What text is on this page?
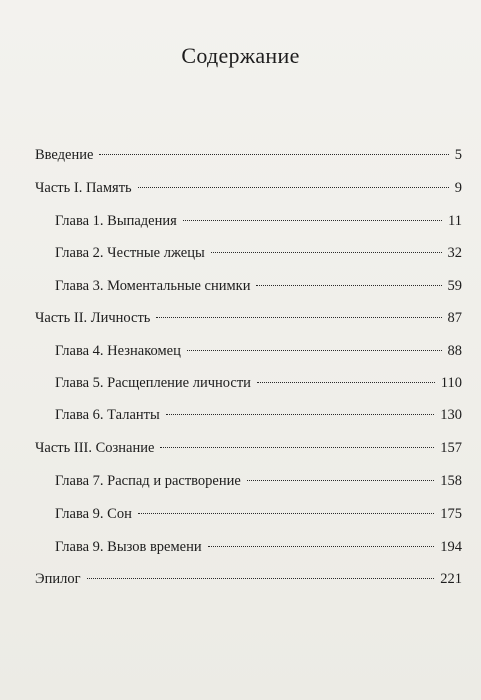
Содержание
Введение	5
Часть I. Память	9
Глава 1. Выпадения	11
Глава 2. Честные лжецы	32
Глава 3. Моментальные снимки	59
Часть II. Личность	87
Глава 4. Незнакомец	88
Глава 5. Расщепление личности	110
Глава 6. Таланты	130
Часть III. Сознание	157
Глава 7. Распад и растворение	158
Глава 9. Сон	175
Глава 9. Вызов времени	194
Эпилог	221
